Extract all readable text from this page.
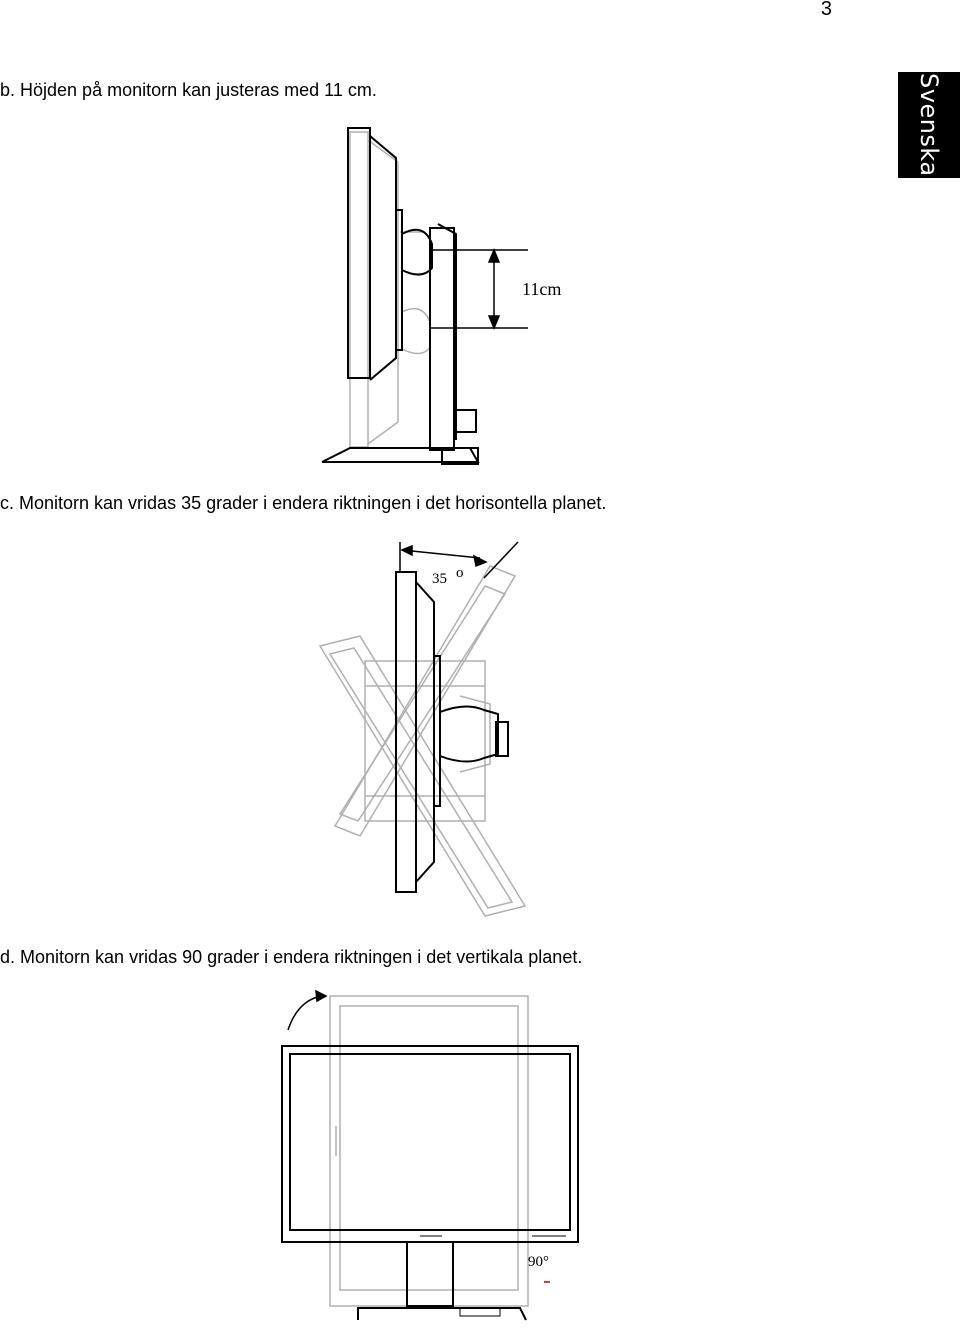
3
Svenska
b. Höjden på monitorn kan justeras med 11 cm.
11cm
c. Monitorn kan vridas 35 grader i endera riktningen i det horisontella planet.
35 o
d. Monitorn kan vridas 90 grader i endera riktningen i det vertikala planet.
90°
